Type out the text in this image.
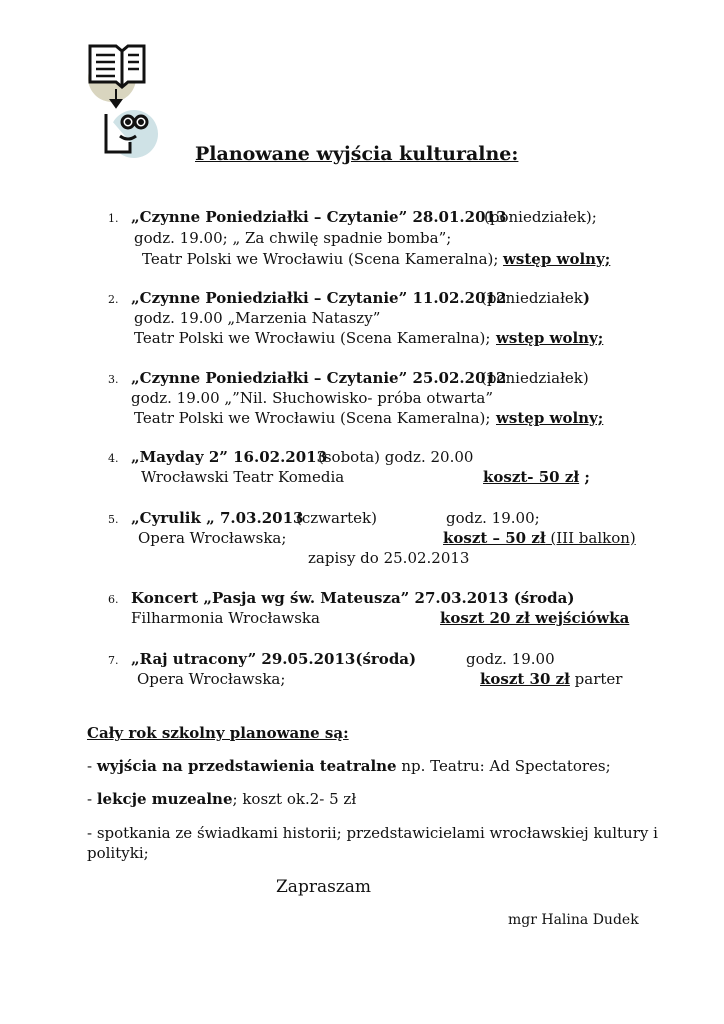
Planowane wyjścia kulturalne:
1. „Czynne Poniedziałki – Czytanie” 28.01.2013
(poniedziałek);
godz. 19.00; „ Za chwilę spadnie bomba”;
Teatr Polski we Wrocławiu (Scena Kameralna); wstęp wolny;
2. „Czynne Poniedziałki – Czytanie” 11.02.2012
(poniedziałek)
godz. 19.00 „Marzenia Nataszy”
Teatr Polski we Wrocławiu (Scena Kameralna); wstęp wolny;
3. „Czynne Poniedziałki – Czytanie” 25.02.2012
(poniedziałek)
godz. 19.00 „”Nil. Słuchowisko- próba otwarta”
Teatr Polski we Wrocławiu (Scena Kameralna); wstęp wolny;
4. „Mayday 2” 16.02.2013
(sobota) godz. 20.00
Wrocławski Teatr Komedia	koszt- 50 zł ;
5. „Cyrulik „ 7.03.2013
(czwartek)	godz. 19.00;
Opera Wrocławska;	koszt – 50 zł (III balkon)
zapisy do 25.02.2013
6. Koncert „Pasja wg św. Mateusza” 27.03.2013 (środa)
Filharmonia Wrocławska	koszt 20 zł wejściówka
7. „Raj utracony” 29.05.2013(środa)	godz. 19.00
Opera Wrocławska;	koszt 30 zł parter
Cały rok szkolny planowane są:
- wyjścia na przedstawienia teatralne np. Teatru: Ad Spectatores;
- lekcje muzealne; koszt ok.2- 5 zł
- spotkania ze świadkami historii; przedstawicielami wrocławskiej kultury i
polityki;
Zapraszam
mgr Halina Dudek
